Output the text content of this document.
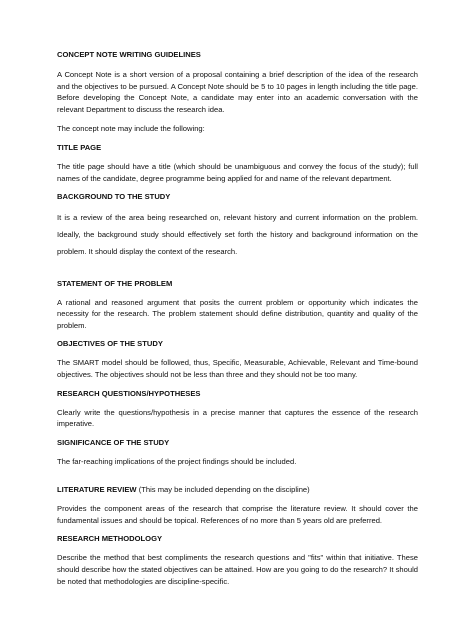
CONCEPT NOTE WRITING GUIDELINES

A Concept Note is a short version of a proposal containing a brief description of the idea of the research and the objectives to be pursued. A Concept Note should be 5 to 10 pages in length including the title page. Before developing the Concept Note, a candidate may enter into an academic conversation with the relevant Department to discuss the research idea.

The concept note may include the following:

TITLE PAGE

The title page should have a title (which should be unambiguous and convey the focus of the study); full names of the candidate, degree programme being applied for and name of the relevant department.

BACKGROUND TO THE STUDY

It is a review of the area being researched on, relevant history and current information on the problem. Ideally, the background study should effectively set forth the history and background information on the problem. It should display the context of the research.

STATEMENT OF THE PROBLEM

A rational and reasoned argument that posits the current problem or opportunity which indicates the necessity for the research. The problem statement should define distribution, quantity and quality of the problem.

OBJECTIVES OF THE STUDY

The SMART model should be followed, thus, Specific, Measurable, Achievable, Relevant and Time-bound objectives. The objectives should not be less than three and they should not be too many.

RESEARCH QUESTIONS/HYPOTHESES

Clearly write the questions/hypothesis in a precise manner that captures the essence of the research imperative.

SIGNIFICANCE OF THE STUDY

The far-reaching implications of the project findings should be included.

LITERATURE REVIEW (This may be included depending on the discipline)

Provides the component areas of the research that comprise the literature review. It should cover the fundamental issues and should be topical. References of no more than 5 years old are preferred.

RESEARCH METHODOLOGY

Describe the method that best compliments the research questions and "fits" within that initiative. These should describe how the stated objectives can be attained. How are you going to do the research? It should be noted that methodologies are discipline-specific.
